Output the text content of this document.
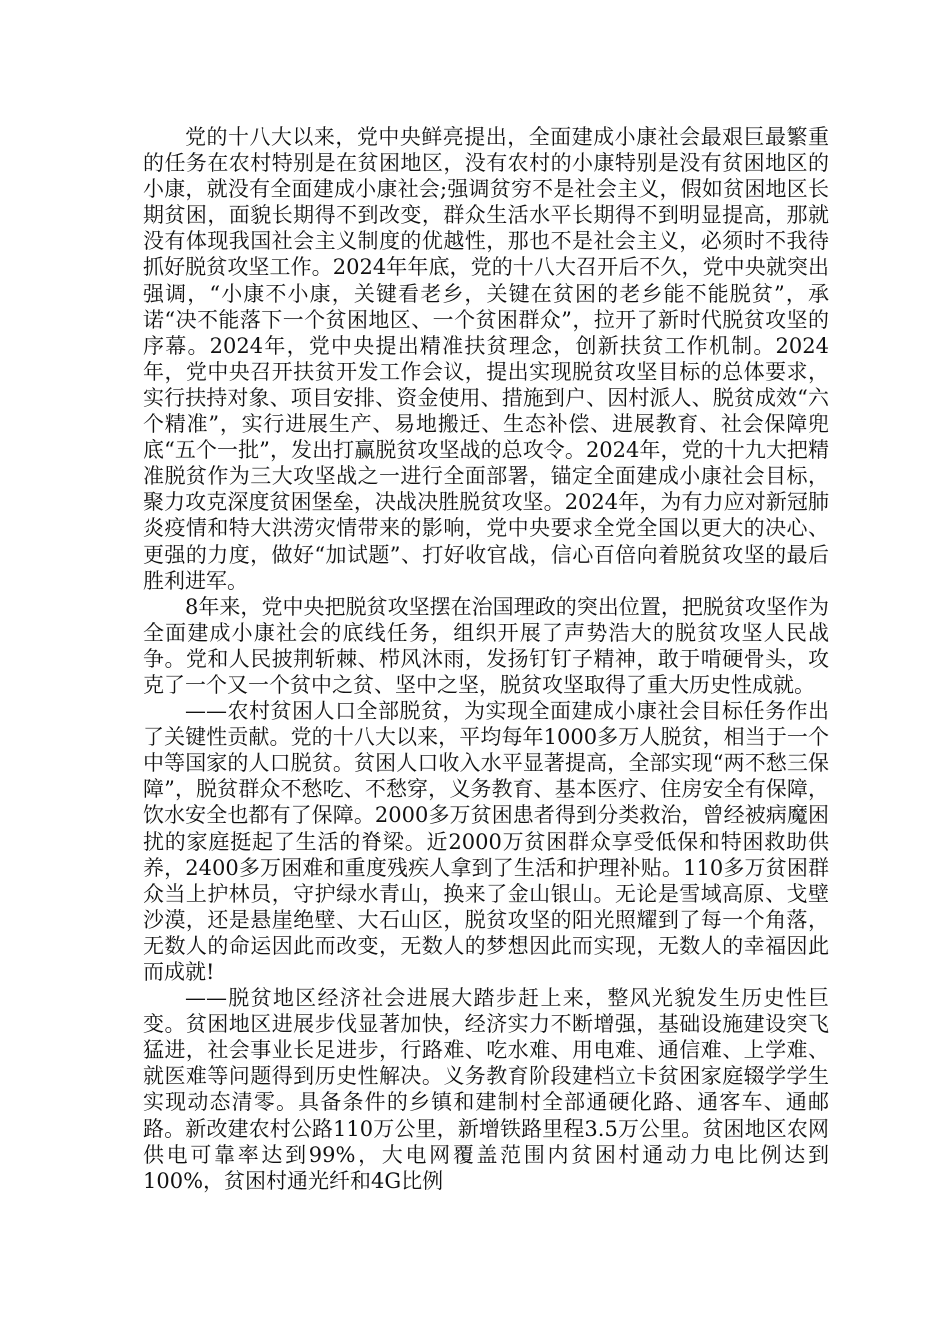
党的十八大以来，党中央鲜亮提出，全面建成小康社会最艰巨最繁重的任务在农村特别是在贫困地区，没有农村的小康特别是没有贫困地区的小康，就没有全面建成小康社会;强调贫穷不是社会主义，假如贫困地区长期贫困，面貌长期得不到改变，群众生活水平长期得不到明显提高，那就没有体现我国社会主义制度的优越性，那也不是社会主义，必须时不我待抓好脱贫攻坚工作。2024年年底，党的十八大召开后不久，党中央就突出强调，“小康不小康，关键看老乡，关键在贫困的老乡能不能脱贫”，承诺“决不能落下一个贫困地区、一个贫困群众”，拉开了新时代脱贫攻坚的序幕。2024年，党中央提出精准扶贫理念，创新扶贫工作机制。2024年，党中央召开扶贫开发工作会议，提出实现脱贫攻坚目标的总体要求，实行扶持对象、项目安排、资金使用、措施到户、因村派人、脱贫成效“六个精准”，实行进展生产、易地搬迁、生态补偿、进展教育、社会保障兜底“五个一批”，发出打赢脱贫攻坚战的总攻令。2024年，党的十九大把精准脱贫作为三大攻坚战之一进行全面部署，锚定全面建成小康社会目标，聚力攻克深度贫困堡垒，决战决胜脱贫攻坚。2024年，为有力应对新冠肺炎疫情和特大洪涝灾情带来的影响，党中央要求全党全国以更大的决心、更强的力度，做好“加试题”、打好收官战，信心百倍向着脱贫攻坚的最后胜利进军。

8年来，党中央把脱贫攻坚摆在治国理政的突出位置，把脱贫攻坚作为全面建成小康社会的底线任务，组织开展了声势浩大的脱贫攻坚人民战争。党和人民披荆斩棘、栉风沐雨，发扬钉钉子精神，敢于啃硬骨头，攻克了一个又一个贫中之贫、坚中之坚，脱贫攻坚取得了重大历史性成就。

——农村贫困人口全部脱贫，为实现全面建成小康社会目标任务作出了关键性贡献。党的十八大以来，平均每年1000多万人脱贫，相当于一个中等国家的人口脱贫。贫困人口收入水平显著提高，全部实现“两不愁三保障”，脱贫群众不愁吃、不愁穿，义务教育、基本医疗、住房安全有保障，饮水安全也都有了保障。2000多万贫困患者得到分类救治，曾经被病魔困扰的家庭挺起了生活的脊梁。近2000万贫困群众享受低保和特困救助供养，2400多万困难和重度残疾人拿到了生活和护理补贴。110多万贫困群众当上护林员，守护绿水青山，换来了金山银山。无论是雪域高原、戈壁沙漠，还是悬崖绝壁、大石山区，脱贫攻坚的阳光照耀到了每一个角落，无数人的命运因此而改变，无数人的梦想因此而实现，无数人的幸福因此而成就!

——脱贫地区经济社会进展大踏步赶上来，整风光貌发生历史性巨变。贫困地区进展步伐显著加快，经济实力不断增强，基础设施建设突飞猛进，社会事业长足进步，行路难、吃水难、用电难、通信难、上学难、就医难等问题得到历史性解决。义务教育阶段建档立卡贫困家庭辍学学生实现动态清零。具备条件的乡镇和建制村全部通硬化路、通客车、通邮路。新改建农村公路110万公里，新增铁路里程3.5万公里。贫困地区农网供电可靠率达到99%，大电网覆盖范围内贫困村通动力电比例达到100%，贫困村通光纤和4G比例
